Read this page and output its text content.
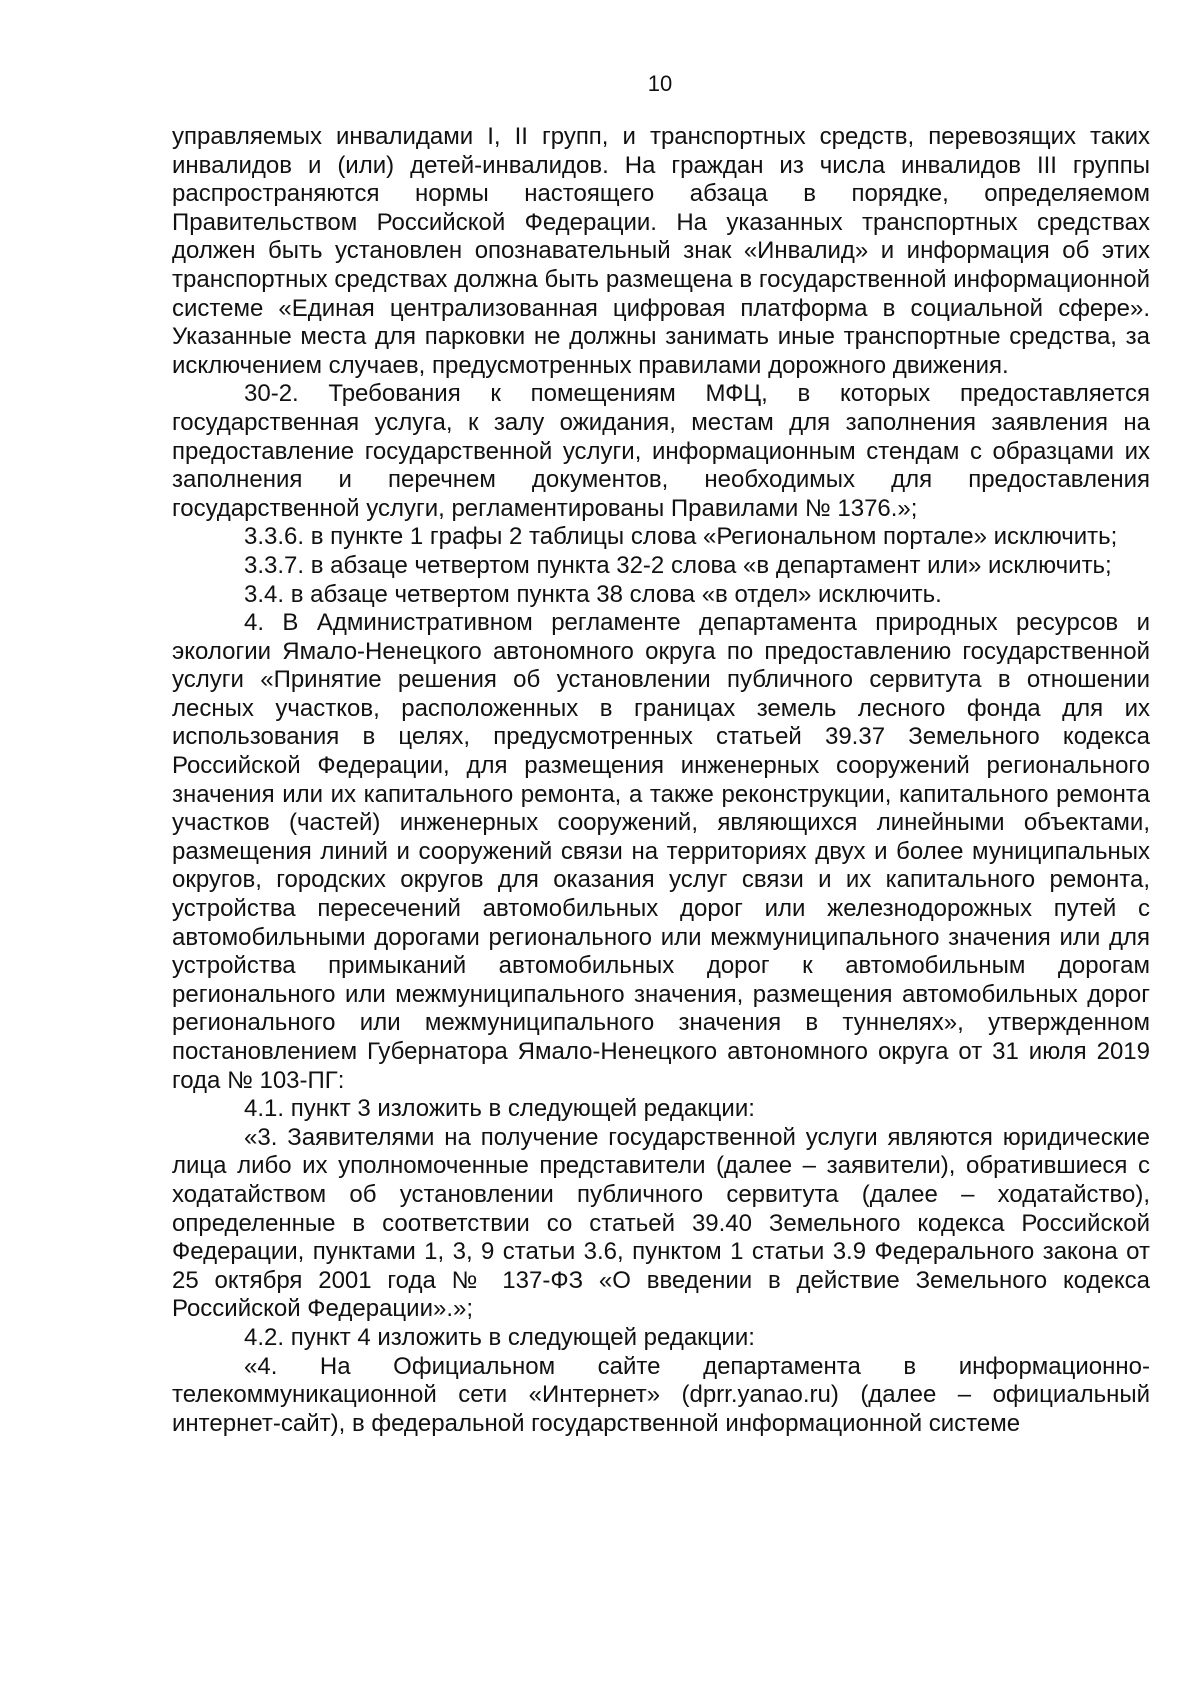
10

управляемых инвалидами I, II групп, и транспортных средств, перевозящих таких инвалидов и (или) детей-инвалидов. На граждан из числа инвалидов III группы распространяются нормы настоящего абзаца в порядке, определяемом Правительством Российской Федерации. На указанных транспортных средствах должен быть установлен опознавательный знак «Инвалид» и информация об этих транспортных средствах должна быть размещена в государственной информационной системе «Единая централизованная цифровая платформа в социальной сфере». Указанные места для парковки не должны занимать иные транспортные средства, за исключением случаев, предусмотренных правилами дорожного движения.

30-2. Требования к помещениям МФЦ, в которых предоставляется государственная услуга, к залу ожидания, местам для заполнения заявления на предоставление государственной услуги, информационным стендам с образцами их заполнения и перечнем документов, необходимых для предоставления государственной услуги, регламентированы Правилами № 1376.»;

3.3.6. в пункте 1 графы 2 таблицы слова «Региональном портале» исключить;

3.3.7. в абзаце четвертом пункта 32-2 слова «в департамент или» исключить;

3.4. в абзаце четвертом пункта 38 слова «в отдел» исключить.

4. В Административном регламенте департамента природных ресурсов и экологии Ямало-Ненецкого автономного округа по предоставлению государственной услуги «Принятие решения об установлении публичного сервитута в отношении лесных участков, расположенных в границах земель лесного фонда для их использования в целях, предусмотренных статьей 39.37 Земельного кодекса Российской Федерации, для размещения инженерных сооружений регионального значения или их капитального ремонта, а также реконструкции, капитального ремонта участков (частей) инженерных сооружений, являющихся линейными объектами, размещения линий и сооружений связи на территориях двух и более муниципальных округов, городских округов для оказания услуг связи и их капитального ремонта, устройства пересечений автомобильных дорог или железнодорожных путей с автомобильными дорогами регионального или межмуниципального значения или для устройства примыканий автомобильных дорог к автомобильным дорогам регионального или межмуниципального значения, размещения автомобильных дорог регионального или межмуниципального значения в туннелях», утвержденном постановлением Губернатора Ямало-Ненецкого автономного округа от 31 июля 2019 года № 103-ПГ:

4.1. пункт 3 изложить в следующей редакции:

«3. Заявителями на получение государственной услуги являются юридические лица либо их уполномоченные представители (далее – заявители), обратившиеся с ходатайством об установлении публичного сервитута (далее – ходатайство), определенные в соответствии со статьей 39.40 Земельного кодекса Российской Федерации, пунктами 1, 3, 9 статьи 3.6, пунктом 1 статьи 3.9 Федерального закона от 25 октября 2001 года № 137-ФЗ «О введении в действие Земельного кодекса Российской Федерации».»;

4.2. пункт 4 изложить в следующей редакции:

«4. На Официальном сайте департамента в информационно-телекоммуникационной сети «Интернет» (dprr.yanao.ru) (далее – официальный интернет-сайт), в федеральной государственной информационной системе
